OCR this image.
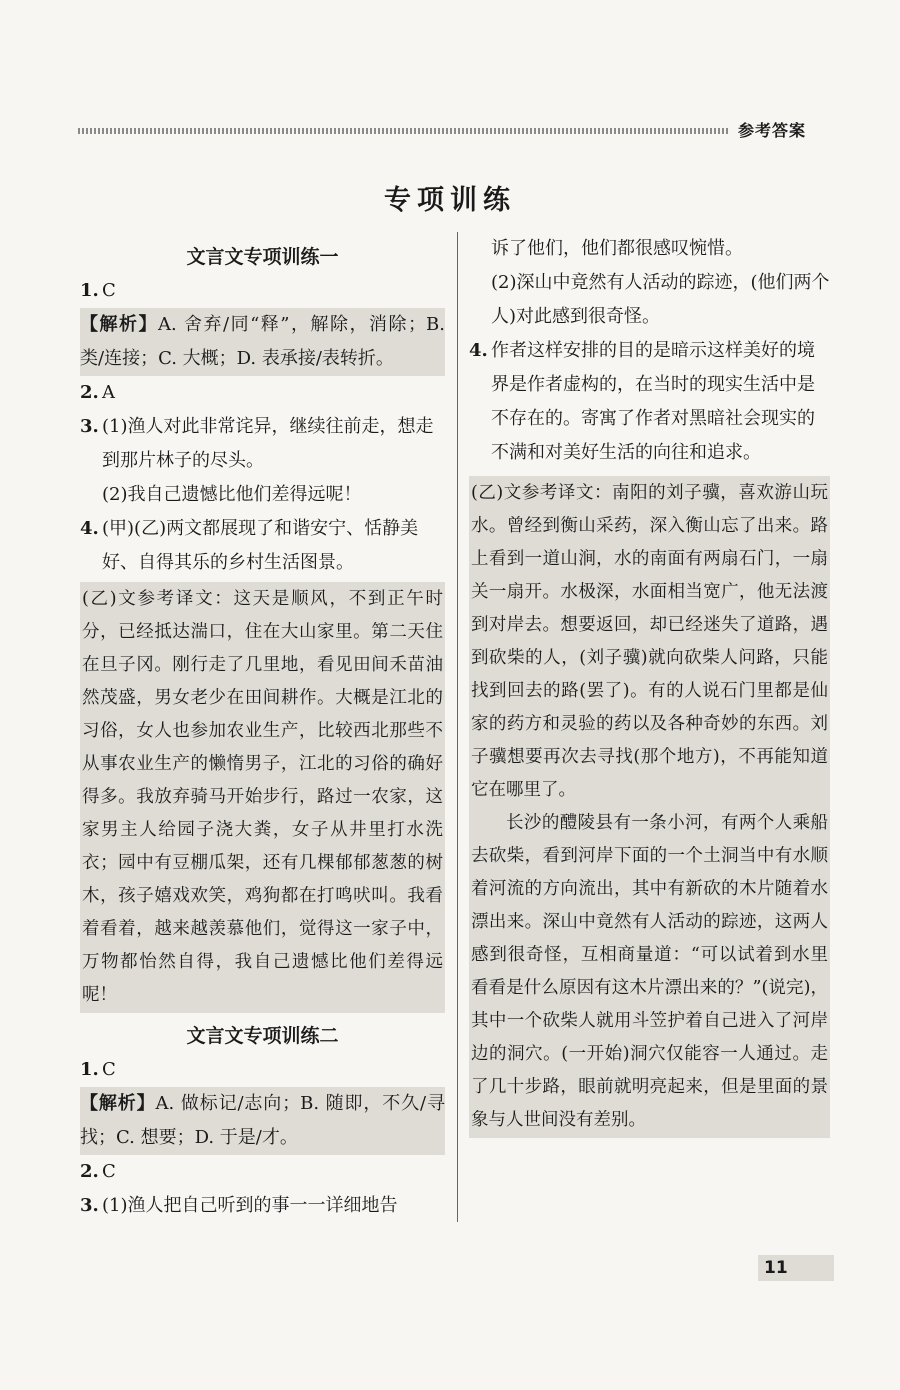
参考答案
专项训练
文言文专项训练一
1. C
【解析】A. 舍弃/同“释”，解除，消除；B. 类/连接；C. 大概；D. 表承接/表转折。
2. A
3. (1)渔人对此非常诧异，继续往前走，想走到那片林子的尽头。
(2)我自己遗憾比他们差得远呢！
4. (甲)(乙)两文都展现了和谐安宁、恬静美好、自得其乐的乡村生活图景。

(乙)文参考译文：这天是顺风，不到正午时分，已经抵达湍口，住在大山家里。第二天住在旦子冈。刚行走了几里地，看见田间禾苗油然茂盛，男女老少在田间耕作。大概是江北的习俗，女人也参加农业生产，比较西北那些不从事农业生产的懒惰男子，江北的习俗的确好得多。我放弃骑马开始步行，路过一农家，这家男主人给园子浇大粪，女子从井里打水洗衣；园中有豆棚瓜架，还有几棵郁郁葱葱的树木，孩子嬉戏欢笑，鸡狗都在打鸣吠叫。我看着看着，越来越羡慕他们，觉得这一家子中，万物都怡然自得，我自己遗憾比他们差得远呢！

文言文专项训练二
1. C
【解析】A. 做标记/志向；B. 随即，不久/寻找；C. 想要；D. 于是/才。
2. C
3. (1)渔人把自己听到的事一一详细地告
诉了他们，他们都很感叹惋惜。
(2)深山中竟然有人活动的踪迹，(他们两个人)对此感到很奇怪。
4. 作者这样安排的目的是暗示这样美好的境界是作者虚构的，在当时的现实生活中是不存在的。寄寓了作者对黑暗社会现实的不满和对美好生活的向往和追求。

(乙)文参考译文：南阳的刘子骥，喜欢游山玩水。曾经到衡山采药，深入衡山忘了出来。路上看到一道山涧，水的南面有两扇石门，一扇关一扇开。水极深，水面相当宽广，他无法渡到对岸去。想要返回，却已经迷失了道路，遇到砍柴的人，(刘子骥)就向砍柴人问路，只能找到回去的路(罢了)。有的人说石门里都是仙家的药方和灵验的药以及各种奇妙的东西。刘子骥想要再次去寻找(那个地方)，不再能知道它在哪里了。

长沙的醴陵县有一条小河，有两个人乘船去砍柴，看到河岸下面的一个土洞当中有水顺着河流的方向流出，其中有新砍的木片随着水漂出来。深山中竟然有人活动的踪迹，这两人感到很奇怪，互相商量道：“可以试着到水里看看是什么原因有这木片漂出来的？”(说完)，其中一个砍柴人就用斗笠护着自己进入了河岸边的洞穴。(一开始)洞穴仅能容一人通过。走了几十步路，眼前就明亮起来，但是里面的景象与人世间没有差别。

11
